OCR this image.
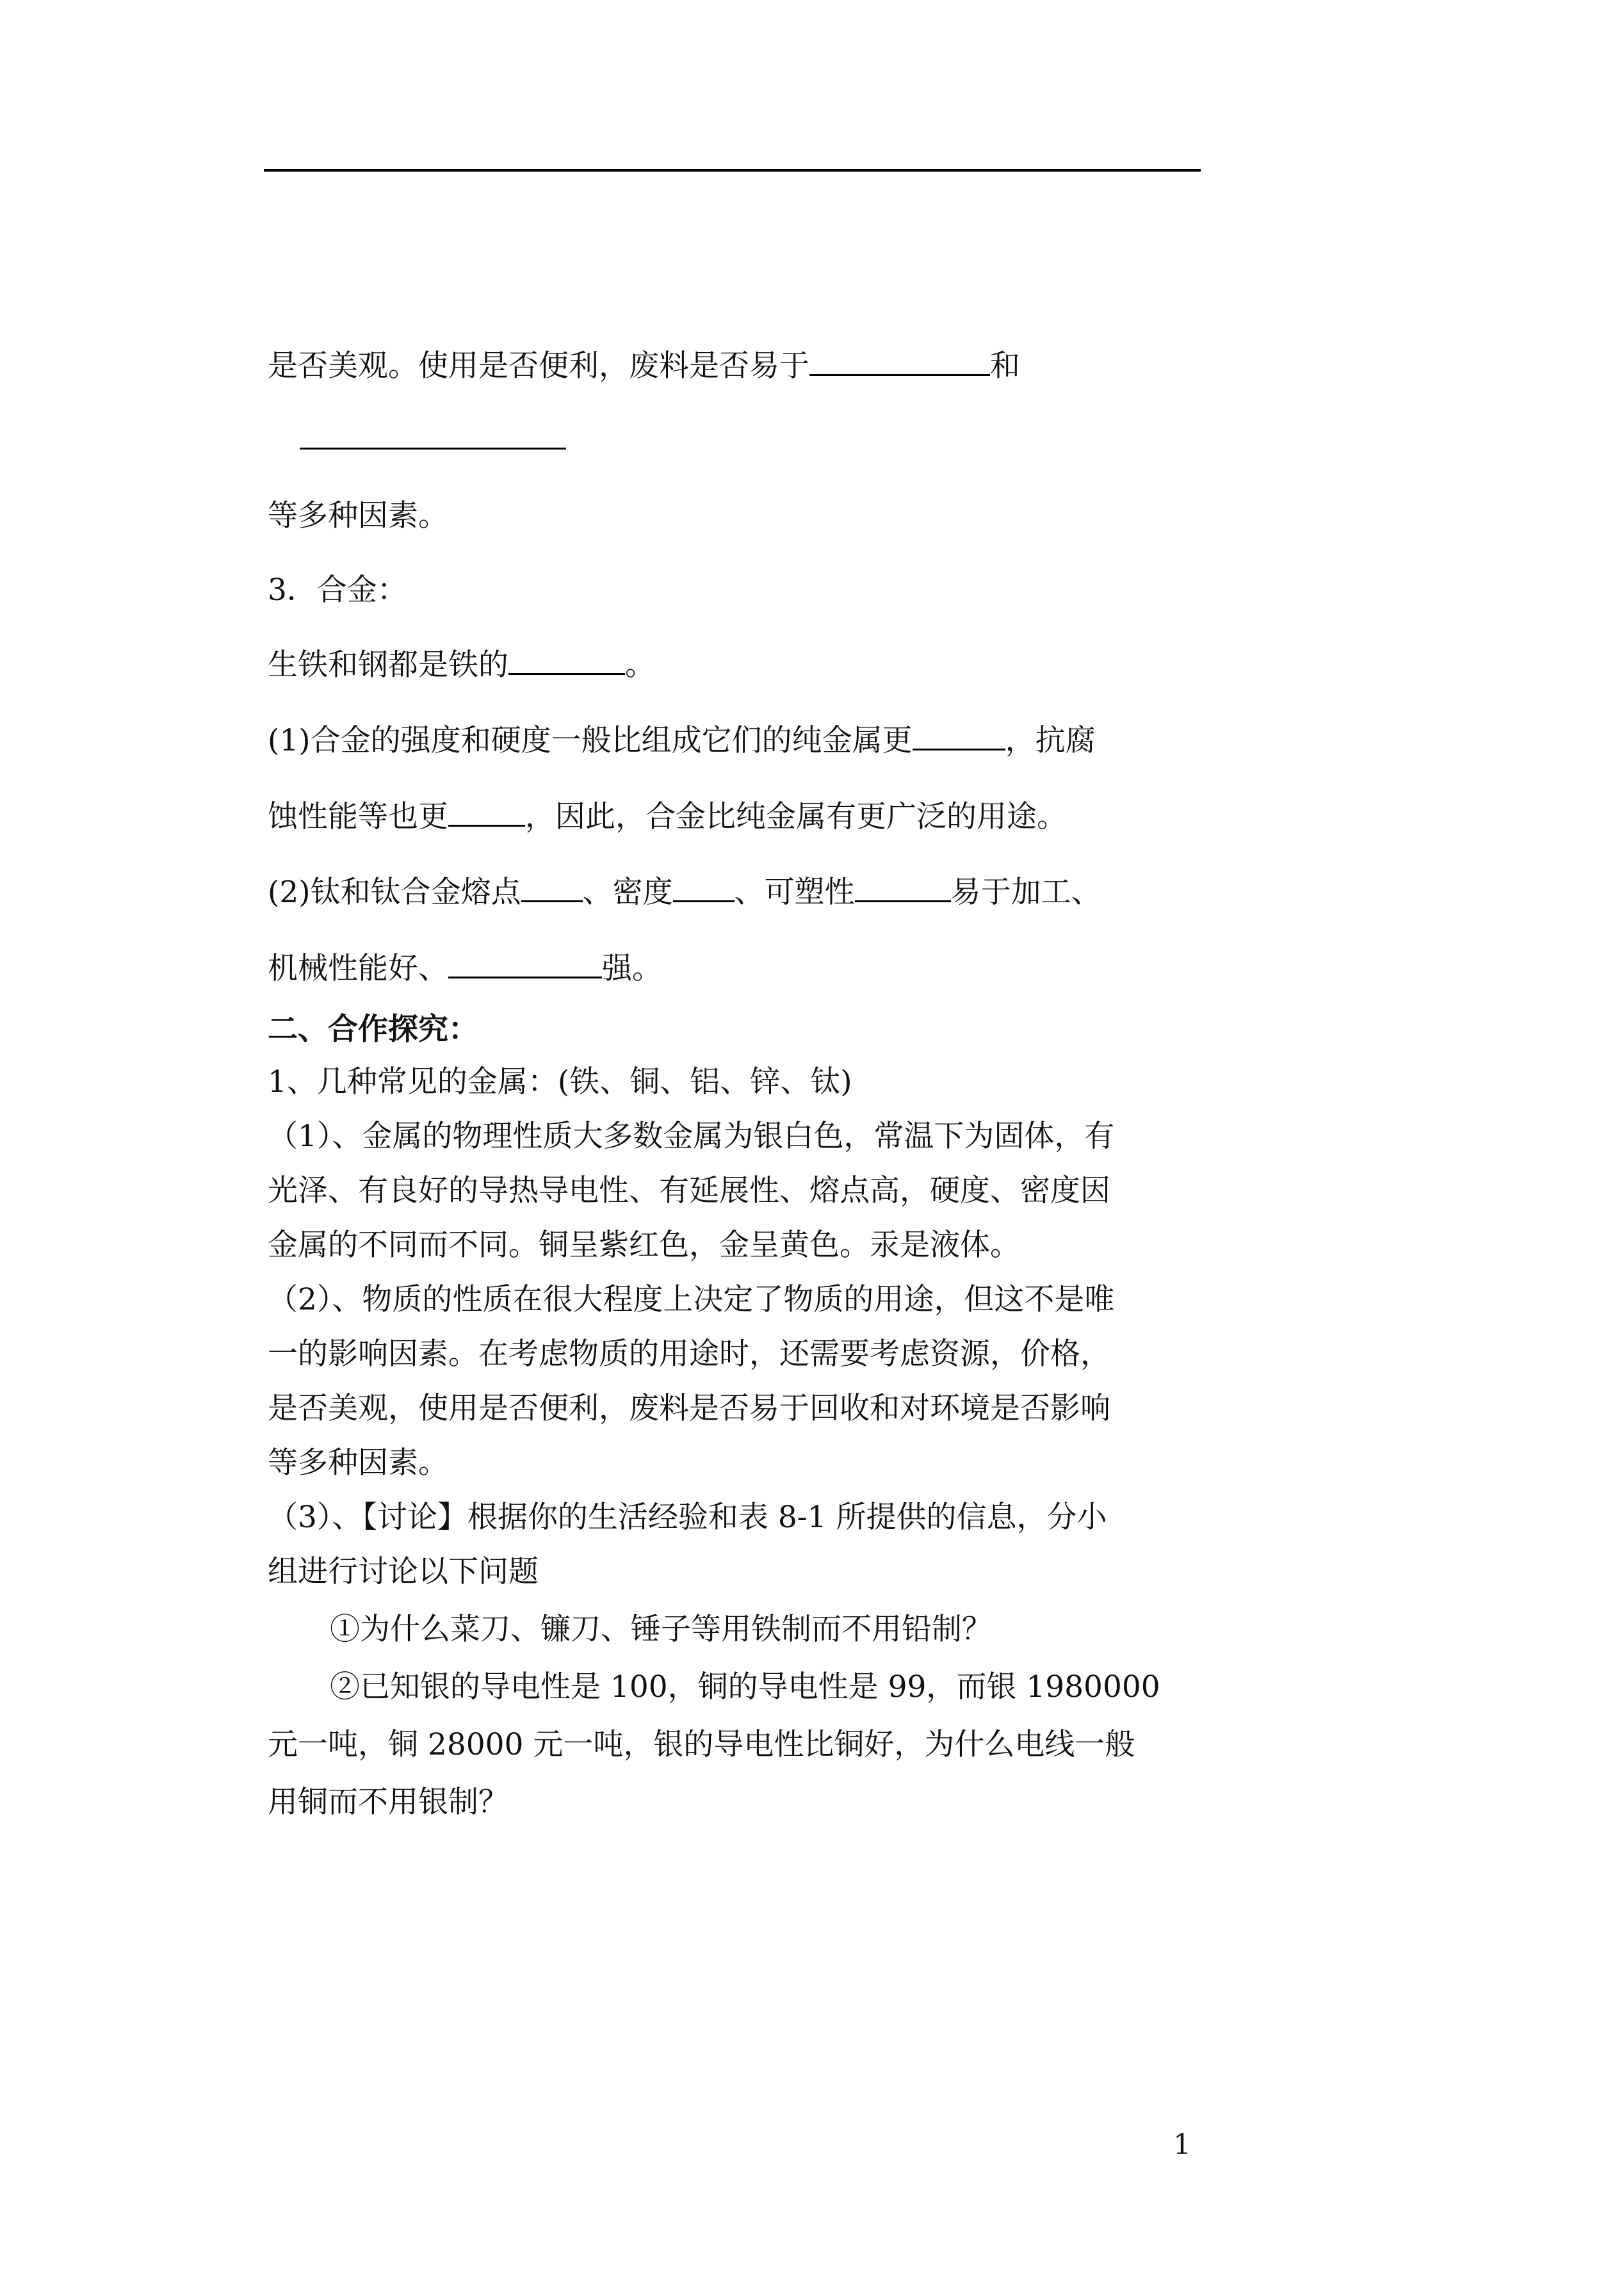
是否美观。使用是否便利，废料是否易于	和
等多种因素。
3．合金：
生铁和钢都是铁的	。
(1)合金的强度和硬度一般比组成它们的纯金属更	，抗腐
蚀性能等也更	，因此，合金比纯金属有更广泛的用途。
(2)钛和钛合金熔点 、密度 、可塑性	易于加工、
机械性能好、	强。
二、合作探究：
1、几种常见的金属：(铁、铜、铝、锌、钛)
（1）、金属的物理性质大多数金属为银白色，常温下为固体，有
光泽、有良好的导热导电性、有延展性、熔点高，硬度、密度因
金属的不同而不同。铜呈紫红色，金呈黄色。汞是液体。
（2）、物质的性质在很大程度上决定了物质的用途，但这不是唯
一的影响因素。在考虑物质的用途时，还需要考虑资源，价格，
是否美观，使用是否便利，废料是否易于回收和对环境是否影响
等多种因素。
（3）、【讨论】根据你的生活经验和表 8-1 所提供的信息，分小
组进行讨论以下问题
①为什么菜刀、镰刀、锤子等用铁制而不用铅制？
②已知银的导电性是 100，铜的导电性是 99，而银 1980000
元一吨，铜 28000 元一吨，银的导电性比铜好，为什么电线一般
用铜而不用银制？
1
